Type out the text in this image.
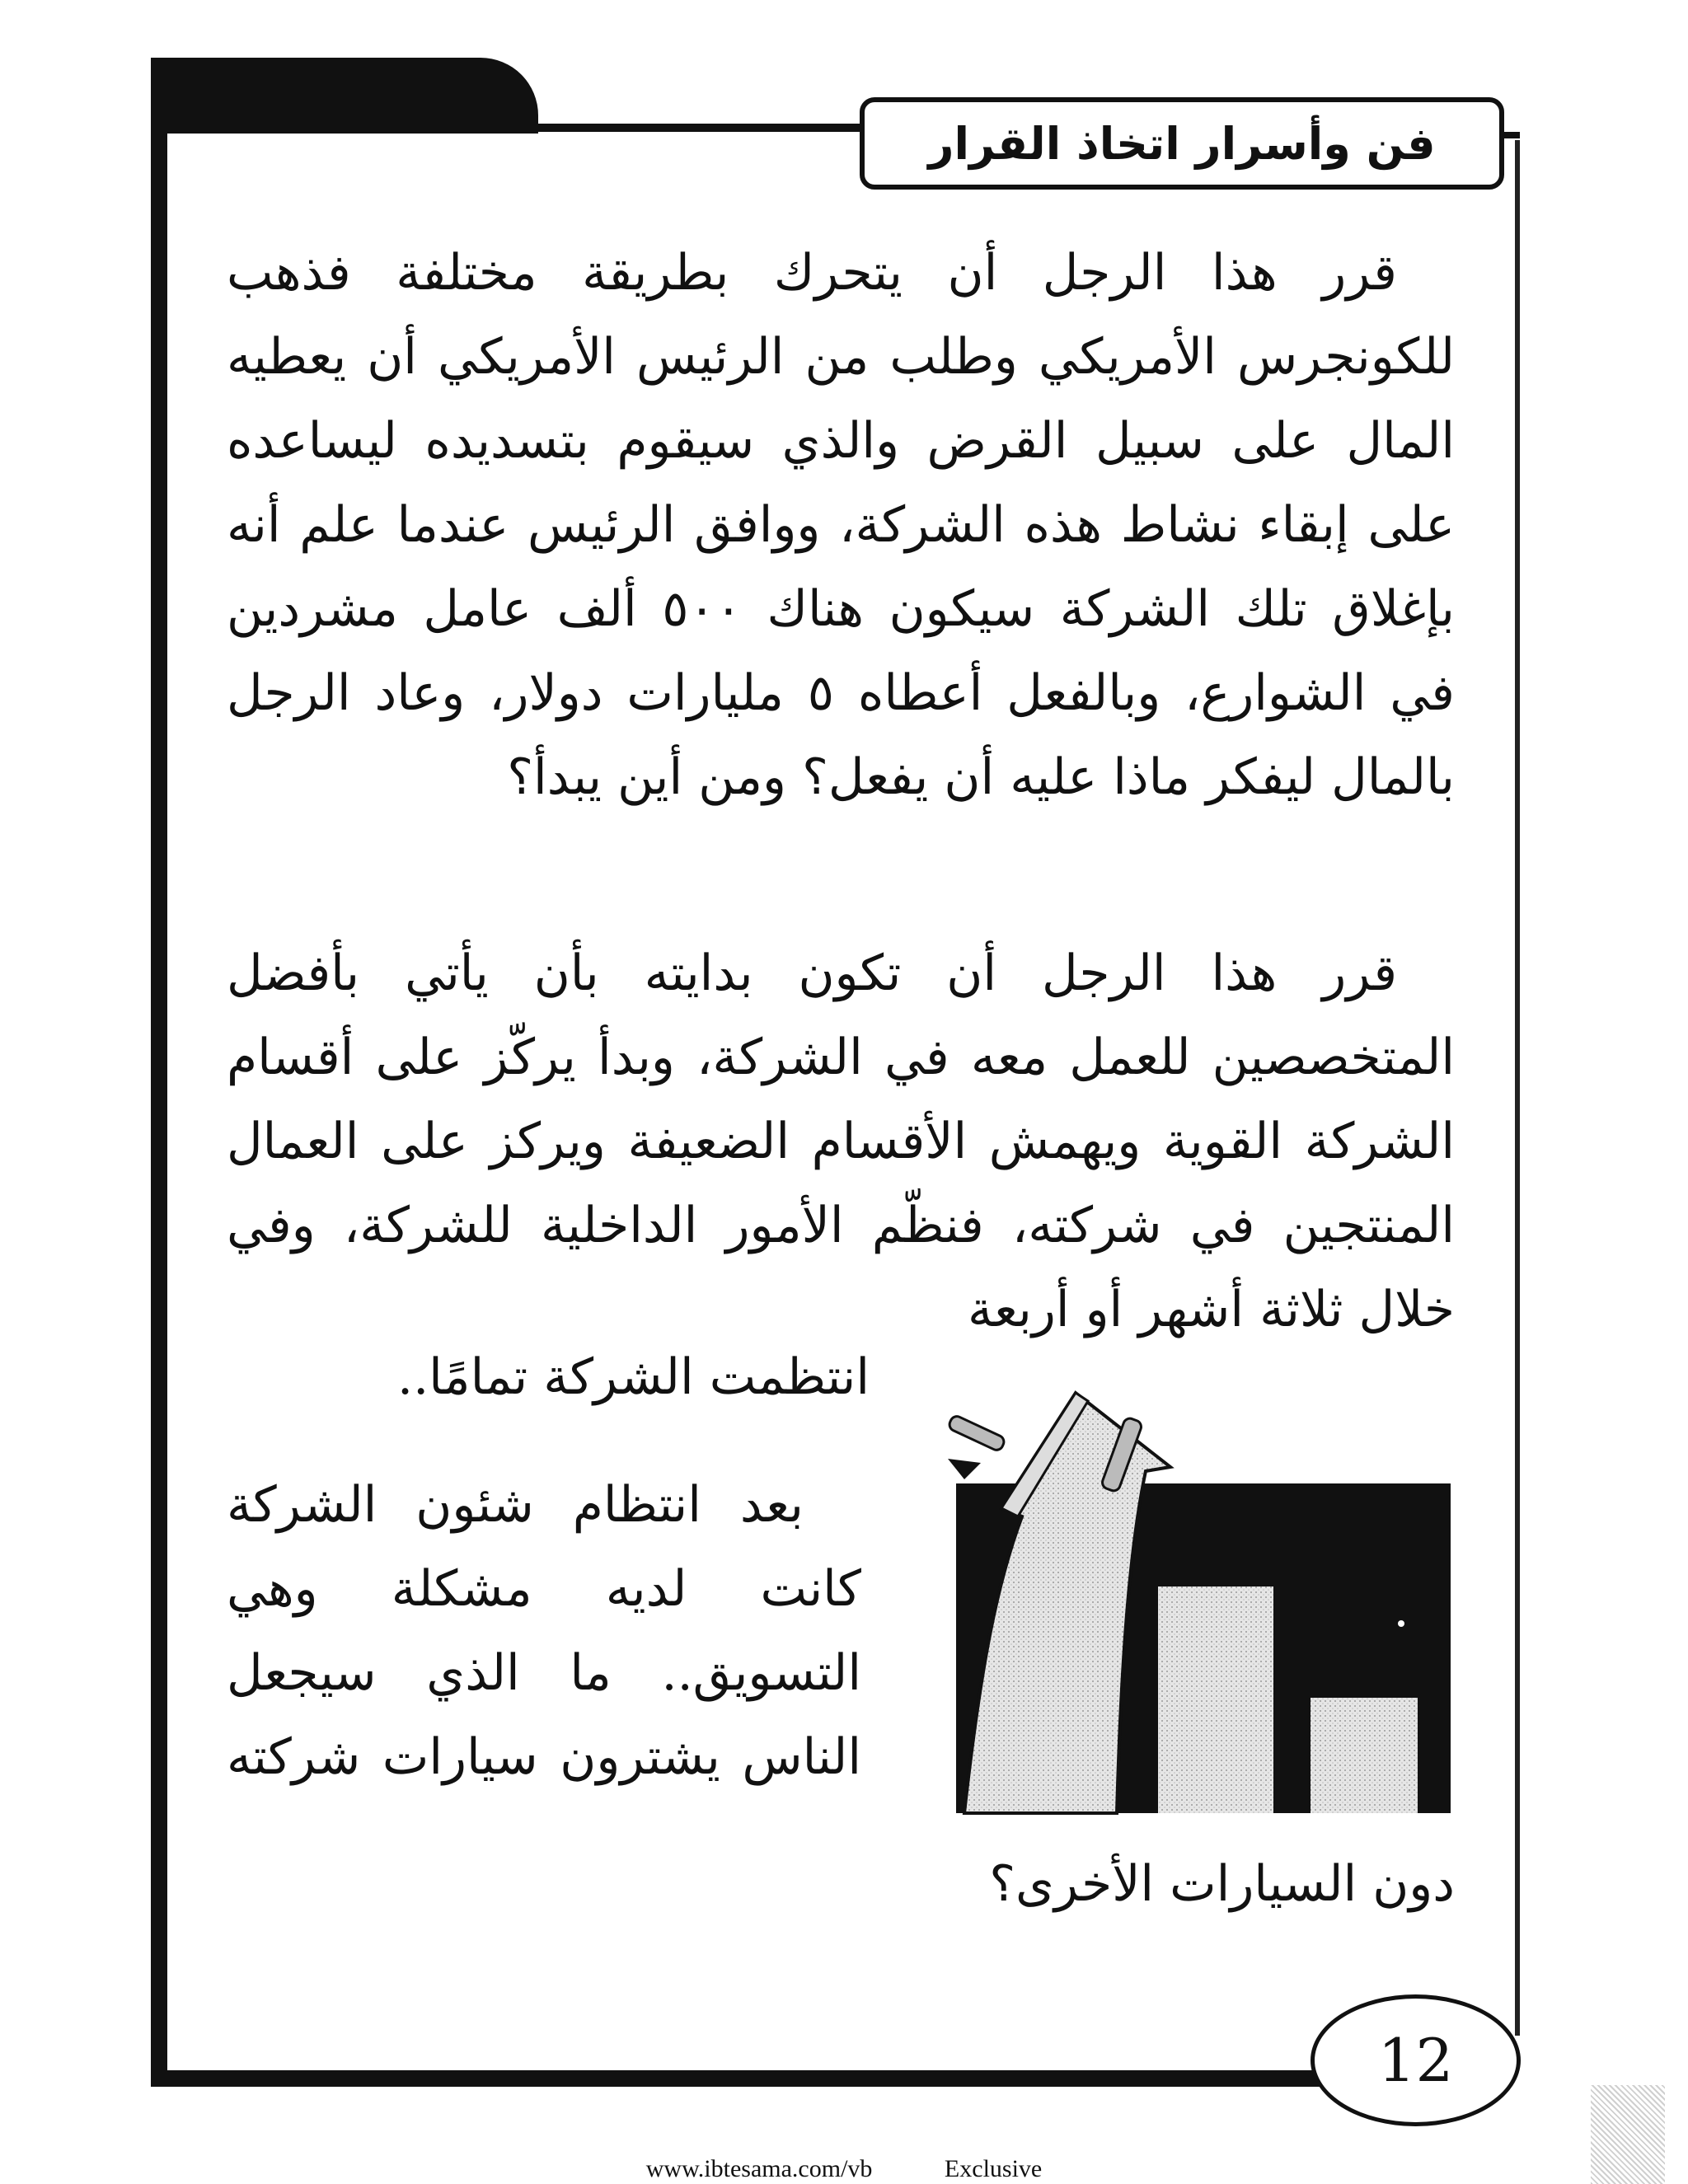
فن وأسرار اتخاذ القرار
قرر هذا الرجل أن يتحرك بطريقة مختلفة فذهب للكونجرس الأمريكي وطلب من الرئيس الأمريكي أن يعطيه المال على سبيل القرض والذي سيقوم بتسديده ليساعده على إبقاء نشاط هذه الشركة، ووافق الرئيس عندما علم أنه بإغلاق تلك الشركة سيكون هناك ٥٠٠ ألف عامل مشردين في الشوارع، وبالفعل أعطاه ٥ مليارات دولار، وعاد الرجل بالمال ليفكر ماذا عليه أن يفعل؟ ومن أين يبدأ؟
قرر هذا الرجل أن تكون بدايته بأن يأتي بأفضل المتخصصين للعمل معه في الشركة، وبدأ يركّز على أقسام الشركة القوية ويهمش الأقسام الضعيفة ويركز على العمال المنتجين في شركته، فنظّم الأمور الداخلية للشركة، وفي خلال ثلاثة أشهر أو أربعة
انتظمت الشركة تمامًا..
بعد انتظام شئون الشركة كانت لديه مشكلة وهي التسويق.. ما الذي سيجعل الناس يشترون سيارات شركته
دون السيارات الأخرى؟
12
www.ibtesama.com/vb	Exclusive
